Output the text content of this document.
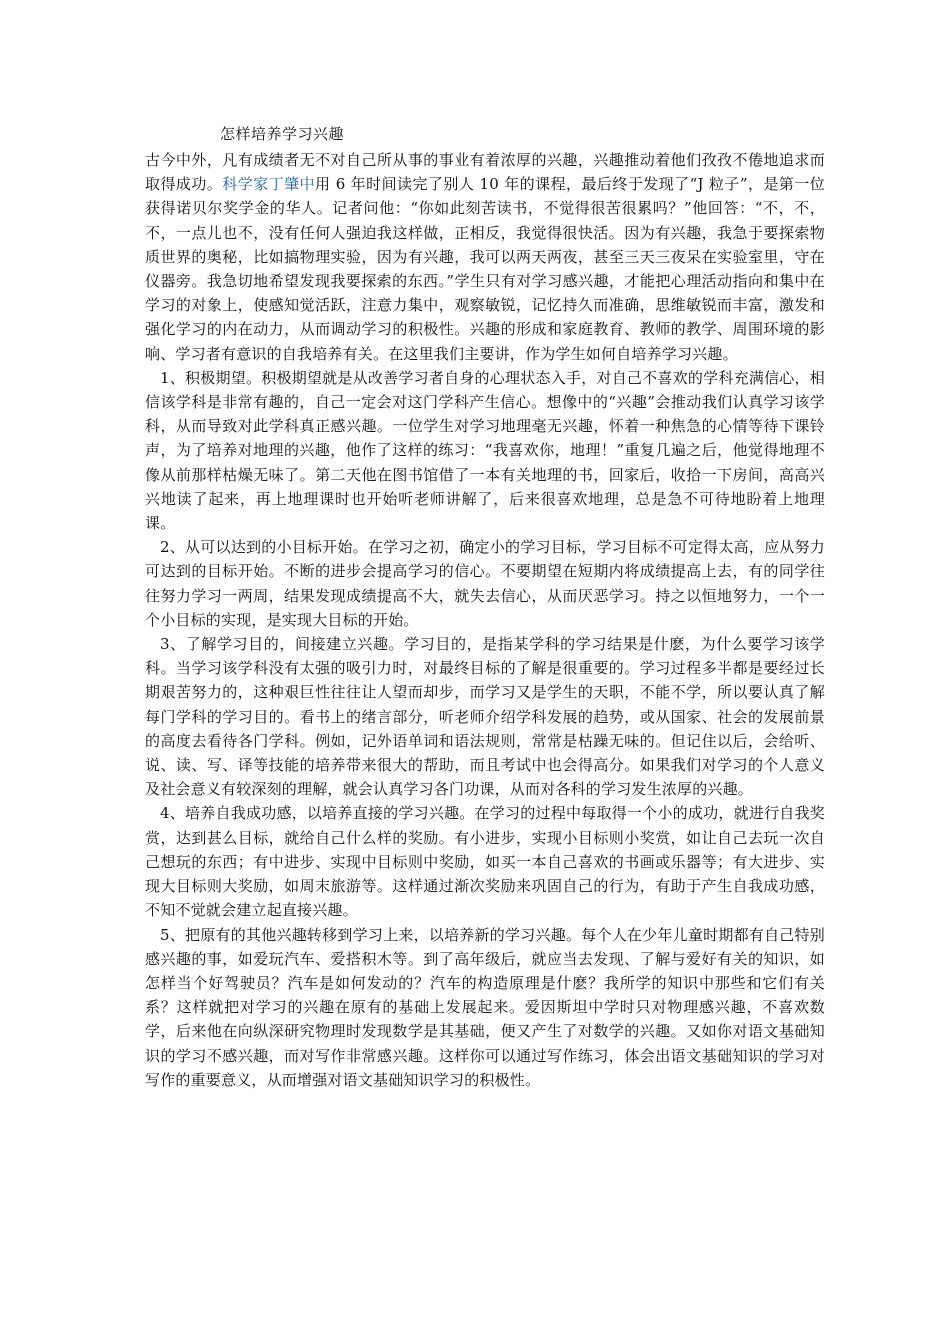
怎样培养学习兴趣

古今中外，凡有成绩者无不对自己所从事的事业有着浓厚的兴趣，兴趣推动着他们孜孜不倦地追求而取得成功。科学家丁肇中用 6 年时间读完了别人 10 年的课程，最后终于发现了“J 粒子”，是第一位获得诺贝尔奖学金的华人。记者问他：“你如此刻苦读书，不觉得很苦很累吗？”他回答：“不，不，不，一点儿也不，没有任何人强迫我这样做，正相反，我觉得很快活。因为有兴趣，我急于要探索物质世界的奥秘，比如搞物理实验，因为有兴趣，我可以两天两夜，甚至三天三夜呆在实验室里，守在仪器旁。我急切地希望发现我要探索的东西。”学生只有对学习感兴趣，才能把心理活动指向和集中在学习的对象上，使感知觉活跃，注意力集中，观察敏锐，记忆持久而准确，思维敏锐而丰富，激发和强化学习的内在动力，从而调动学习的积极性。兴趣的形成和家庭教育、教师的教学、周围环境的影响、学习者有意识的自我培养有关。在这里我们主要讲，作为学生如何自培养学习兴趣。

1、积极期望。积极期望就是从改善学习者自身的心理状态入手，对自己不喜欢的学科充满信心，相信该学科是非常有趣的，自己一定会对这门学科产生信心。想像中的“兴趣”会推动我们认真学习该学科，从而导致对此学科真正感兴趣。一位学生对学习地理毫无兴趣，怀着一种焦急的心情等待下课铃声，为了培养对地理的兴趣，他作了这样的练习：“我喜欢你，地理！”重复几遍之后，他觉得地理不像从前那样枯燥无味了。第二天他在图书馆借了一本有关地理的书，回家后，收拾一下房间，高高兴兴地读了起来，再上地理课时也开始听老师讲解了，后来很喜欢地理，总是急不可待地盼着上地理课。

2、从可以达到的小目标开始。在学习之初，确定小的学习目标，学习目标不可定得太高，应从努力可达到的目标开始。不断的进步会提高学习的信心。不要期望在短期内将成绩提高上去，有的同学往往努力学习一两周，结果发现成绩提高不大，就失去信心，从而厌恶学习。持之以恒地努力，一个一个小目标的实现，是实现大目标的开始。

3、了解学习目的，间接建立兴趣。学习目的，是指某学科的学习结果是什麽，为什么要学习该学科。当学习该学科没有太强的吸引力时，对最终目标的了解是很重要的。学习过程多半都是要经过长期艰苦努力的，这种艰巨性往往让人望而却步，而学习又是学生的天职，不能不学，所以要认真了解每门学科的学习目的。看书上的绪言部分，听老师介绍学科发展的趋势，或从国家、社会的发展前景的高度去看待各门学科。例如，记外语单词和语法规则，常常是枯躁无味的。但记住以后，会给听、说、读、写、译等技能的培养带来很大的帮助，而且考试中也会得高分。如果我们对学习的个人意义及社会意义有较深刻的理解，就会认真学习各门功课，从而对各科的学习发生浓厚的兴趣。

4、培养自我成功感，以培养直接的学习兴趣。在学习的过程中每取得一个小的成功，就进行自我奖赏，达到甚么目标，就给自己什么样的奖励。有小进步，实现小目标则小奖赏，如让自己去玩一次自己想玩的东西；有中进步、实现中目标则中奖励，如买一本自己喜欢的书画或乐器等；有大进步、实现大目标则大奖励，如周末旅游等。这样通过渐次奖励来巩固自己的行为，有助于产生自我成功感，不知不觉就会建立起直接兴趣。

5、把原有的其他兴趣转移到学习上来，以培养新的学习兴趣。每个人在少年儿童时期都有自己特别感兴趣的事，如爱玩汽车、爱搭积木等。到了高年级后，就应当去发现、了解与爱好有关的知识，如怎样当个好驾驶员？汽车是如何发动的？汽车的构造原理是什麽？我所学的知识中那些和它们有关系？这样就把对学习的兴趣在原有的基础上发展起来。爱因斯坦中学时只对物理感兴趣，不喜欢数学，后来他在向纵深研究物理时发现数学是其基础，便又产生了对数学的兴趣。又如你对语文基础知识的学习不感兴趣，而对写作非常感兴趣。这样你可以通过写作练习，体会出语文基础知识的学习对写作的重要意义，从而增强对语文基础知识学习的积极性。
